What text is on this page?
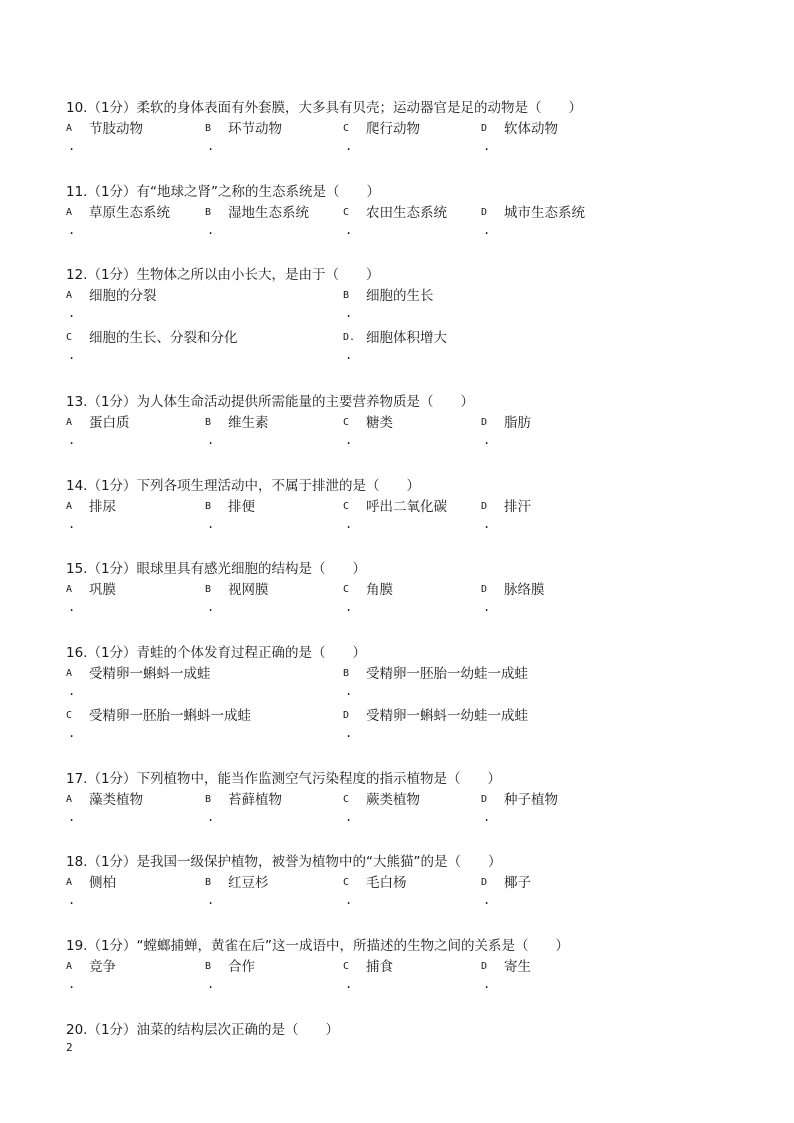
10.（1分）柔软的身体表面有外套膜，大多具有贝壳；运动器官是足的动物是（　　）
A
.
节肢动物	B
.
环节动物	C
.
爬行动物	D
.
软体动物
11.（1分）有“地球之肾”之称的生态系统是（　　）
A
.
草原生态系统	B
.
湿地生态系统	C
.
农田生态系统	D
.
城市生态系统
12.（1分）生物体之所以由小长大，是由于（　　）
A
.
细胞的分裂	B
.
细胞的生长
C
.
细胞的生长、分裂和分化	D.
.
细胞体积增大
13.（1分）为人体生命活动提供所需能量的主要营养物质是（　　）
A
.
蛋白质	B
.
维生素	C
.
糖类	D
.
脂肪
14.（1分）下列各项生理活动中，不属于排泄的是（　　）
A
.
排尿	B
.
排便	C
.
呼出二氧化碳	D
.
排汗
15.（1分）眼球里具有感光细胞的结构是（　　）
A
.
巩膜	B
.
视网膜	C
.
角膜	D
.
脉络膜
16.（1分）青蛙的个体发育过程正确的是（　　）
A
.
受精卵一蝌蚪一成蛙	B
.
受精卵一胚胎一幼蛙一成蛙
C
.
受精卵一胚胎一蝌蚪一成蛙	D
.
受精卵一蝌蚪一幼蛙一成蛙
17.（1分）下列植物中，能当作监测空气污染程度的指示植物是（　　）
A
.
藻类植物	B
.
苔藓植物	C
.
蕨类植物	D
.
种子植物
18.（1分）是我国一级保护植物，被誉为植物中的“大熊猫”的是（　　）
A
.
侧柏	B
.
红豆杉	C
.
毛白杨	D
.
椰子
19.（1分）“螳螂捕蝉，黄雀在后”这一成语中，所描述的生物之间的关系是（　　）
A
.
竞争	B
.
合作	C
.
捕食	D
.
寄生
20.（1分）油菜的结构层次正确的是（　　）
2
